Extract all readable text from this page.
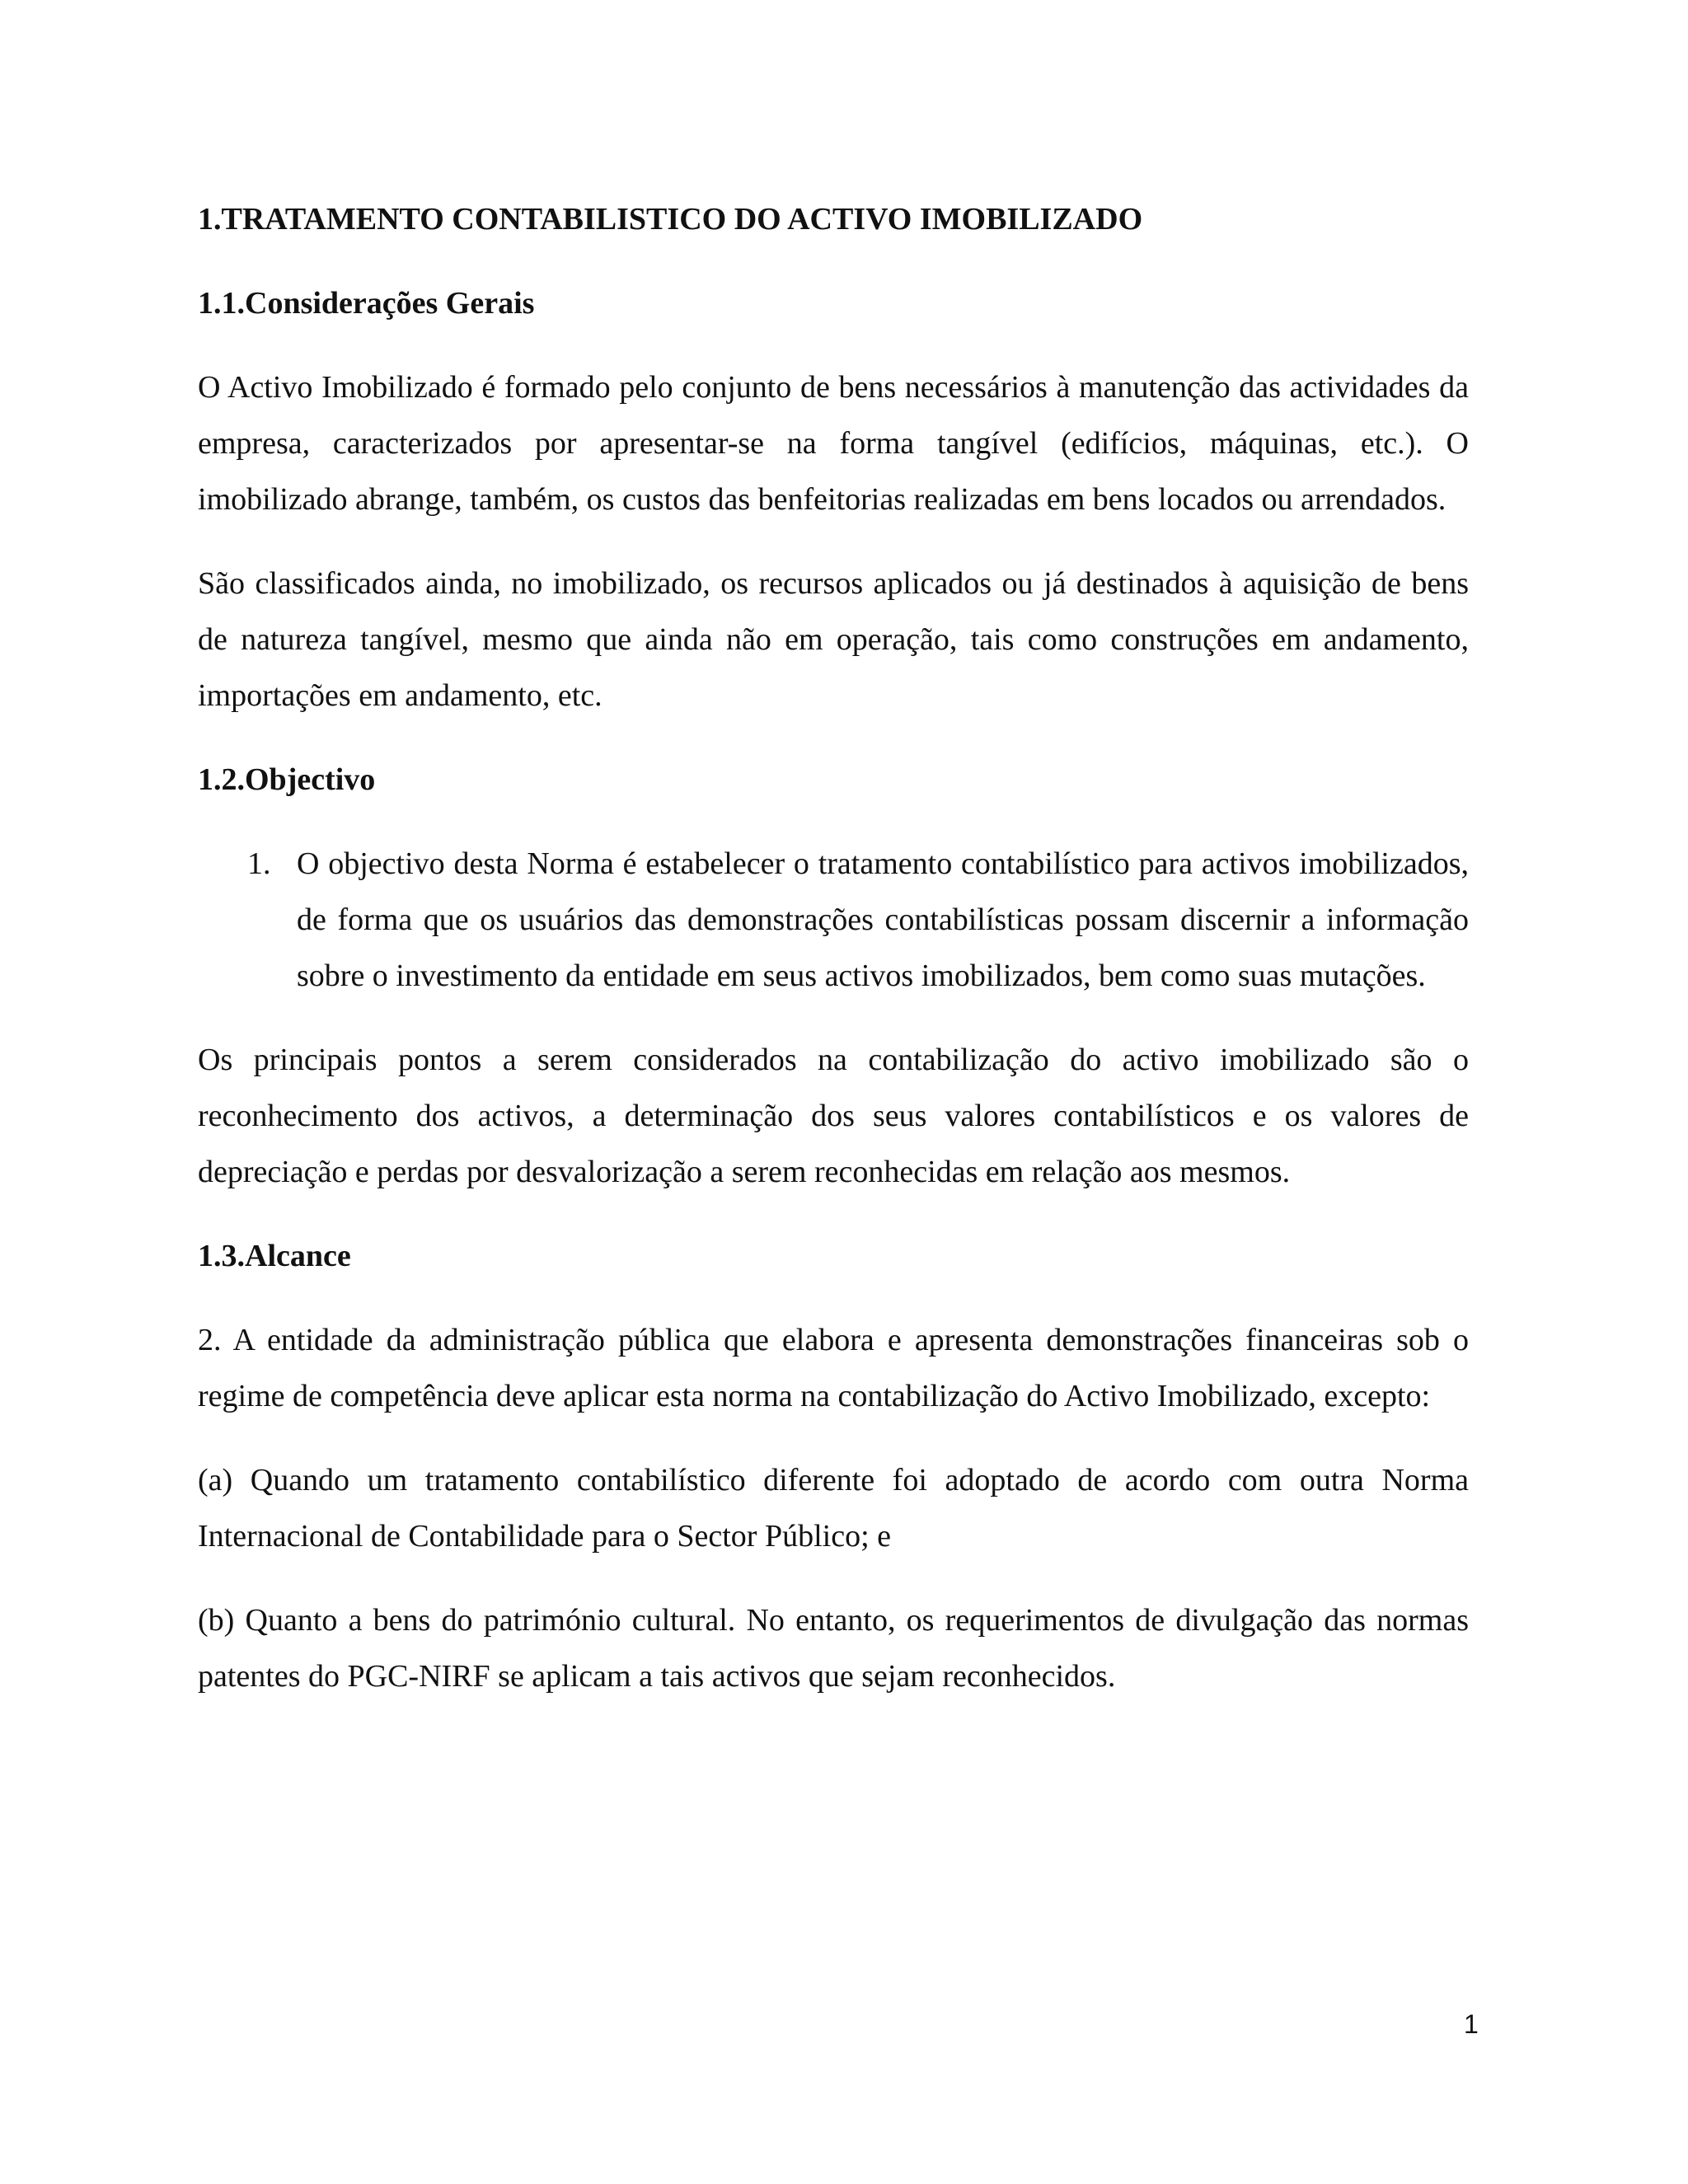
1.TRATAMENTO CONTABILISTICO DO ACTIVO IMOBILIZADO
1.1.Considerações Gerais
O Activo Imobilizado é formado pelo conjunto de bens necessários à manutenção das actividades da empresa, caracterizados por apresentar-se na forma tangível (edifícios, máquinas, etc.). O imobilizado abrange, também, os custos das benfeitorias realizadas em bens locados ou arrendados.
São classificados ainda, no imobilizado, os recursos aplicados ou já destinados à aquisição de bens de natureza tangível, mesmo que ainda não em operação, tais como construções em andamento, importações em andamento, etc.
1.2.Objectivo
1. O objectivo desta Norma é estabelecer o tratamento contabilístico para activos imobilizados, de forma que os usuários das demonstrações contabilísticas possam discernir a informação sobre o investimento da entidade em seus activos imobilizados, bem como suas mutações.
Os principais pontos a serem considerados na contabilização do activo imobilizado são o reconhecimento dos activos, a determinação dos seus valores contabilísticos e os valores de depreciação e perdas por desvalorização a serem reconhecidas em relação aos mesmos.
1.3.Alcance
2. A entidade da administração pública que elabora e apresenta demonstrações financeiras sob o regime de competência deve aplicar esta norma na contabilização do Activo Imobilizado, excepto:
(a) Quando um tratamento contabilístico diferente foi adoptado de acordo com outra Norma Internacional de Contabilidade para o Sector Público; e
(b) Quanto a bens do património cultural. No entanto, os requerimentos de divulgação das normas patentes do PGC-NIRF se aplicam a tais activos que sejam reconhecidos.
1
